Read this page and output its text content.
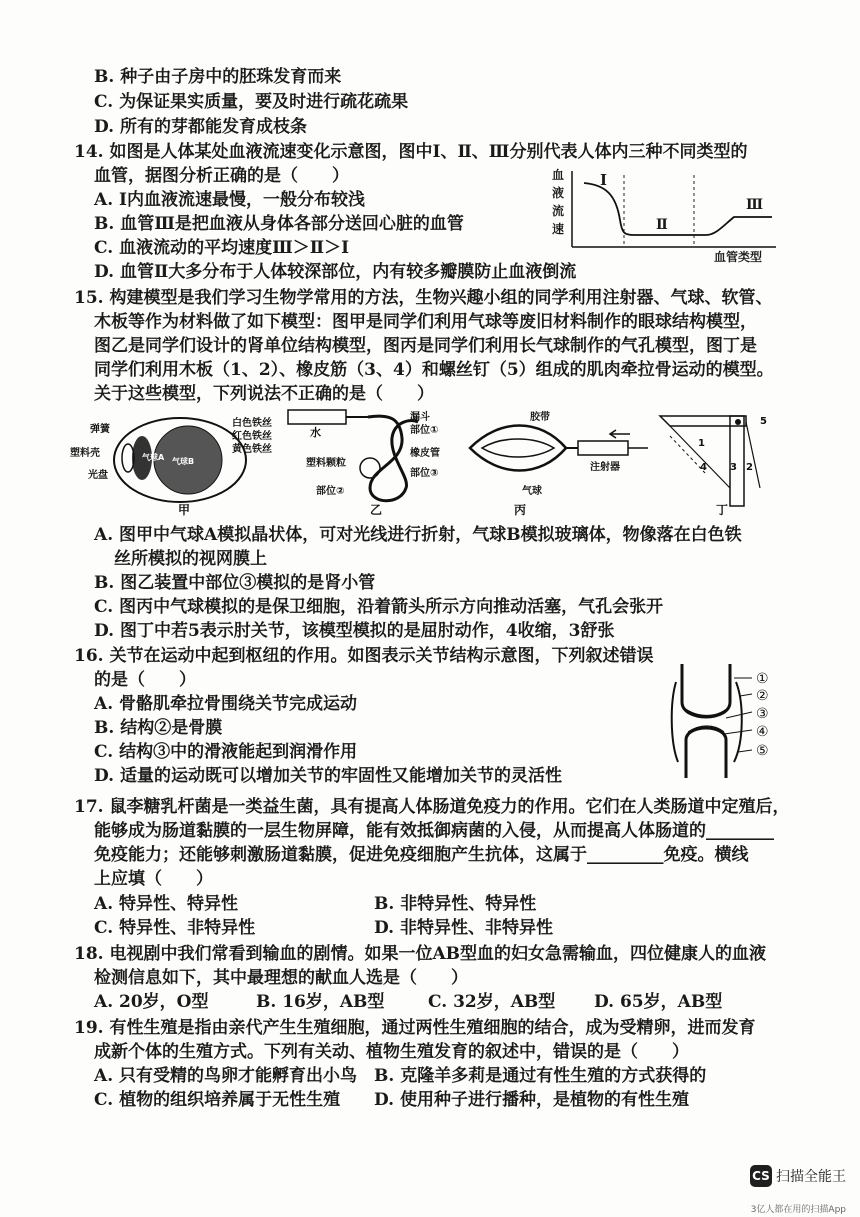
B. 种子由子房中的胚珠发育而来
C. 为保证果实质量，要及时进行疏花疏果
D. 所有的芽都能发育成枝条
14. 如图是人体某处血液流速变化示意图，图中Ⅰ、Ⅱ、Ⅲ分别代表人体内三种不同类型的
血管，据图分析正确的是（　　）
A. Ⅰ内血液流速最慢，一般分布较浅
B. 血管Ⅲ是把血液从身体各部分送回心脏的血管
C. 血液流动的平均速度Ⅲ＞Ⅱ＞Ⅰ
D. 血管Ⅱ大多分布于人体较深部位，内有较多瓣膜防止血液倒流
血
液
流
速
血管类型
Ⅰ
Ⅱ
Ⅲ
15. 构建模型是我们学习生物学常用的方法，生物兴趣小组的同学利用注射器、气球、软管、
木板等作为材料做了如下模型：图甲是同学们利用气球等废旧材料制作的眼球结构模型，
图乙是同学们设计的肾单位结构模型，图丙是同学们利用长气球制作的气孔模型，图丁是
同学们利用木板（1、2）、橡皮筋（3、4）和螺丝钉（5）组成的肌肉牵拉骨运动的模型。
关于这些模型，下列说法不正确的是（　　）
气球A 气球B
弹簧
塑料壳
光盘
白色铁丝
红色铁丝
黄色铁丝
甲
水
漏斗
部位①
塑料颗粒
橡皮管
部位③
部位②
乙
胶带
气球
注射器
丙
1
2
3
4
5
丁
A. 图甲中气球A模拟晶状体，可对光线进行折射，气球B模拟玻璃体，物像落在白色铁
丝所模拟的视网膜上
B. 图乙装置中部位③模拟的是肾小管
C. 图丙中气球模拟的是保卫细胞，沿着箭头所示方向推动活塞，气孔会张开
D. 图丁中若5表示肘关节，该模型模拟的是屈肘动作，4收缩，3舒张
16. 关节在运动中起到枢纽的作用。如图表示关节结构示意图，下列叙述错误
的是（　　）
A. 骨骼肌牵拉骨围绕关节完成运动
B. 结构②是骨膜
C. 结构③中的滑液能起到润滑作用
D. 适量的运动既可以增加关节的牢固性又能增加关节的灵活性
①
②
③
④
⑤
17. 鼠李糖乳杆菌是一类益生菌，具有提高人体肠道免疫力的作用。它们在人类肠道中定殖后，
能够成为肠道黏膜的一层生物屏障，能有效抵御病菌的入侵，从而提高人体肠道的________
免疫能力；还能够刺激肠道黏膜，促进免疫细胞产生抗体，这属于_________免疫。横线
上应填（　　）
A. 特异性、特异性	B. 非特异性、特异性
C. 特异性、非特异性	D. 非特异性、非特异性
18. 电视剧中我们常看到输血的剧情。如果一位AB型血的妇女急需输血，四位健康人的血液
检测信息如下，其中最理想的献血人选是（　　）
A. 20岁，O型	B. 16岁，AB型	C. 32岁，AB型 D. 65岁，AB型
19. 有性生殖是指由亲代产生生殖细胞，通过两性生殖细胞的结合，成为受精卵，进而发育
成新个体的生殖方式。下列有关动、植物生殖发育的叙述中，错误的是（　　）
A. 只有受精的鸟卵才能孵育出小鸟 B. 克隆羊多莉是通过有性生殖的方式获得的
C. 植物的组织培养属于无性生殖 D. 使用种子进行播种，是植物的有性生殖
CS 扫描全能王
3亿人都在用的扫描App
